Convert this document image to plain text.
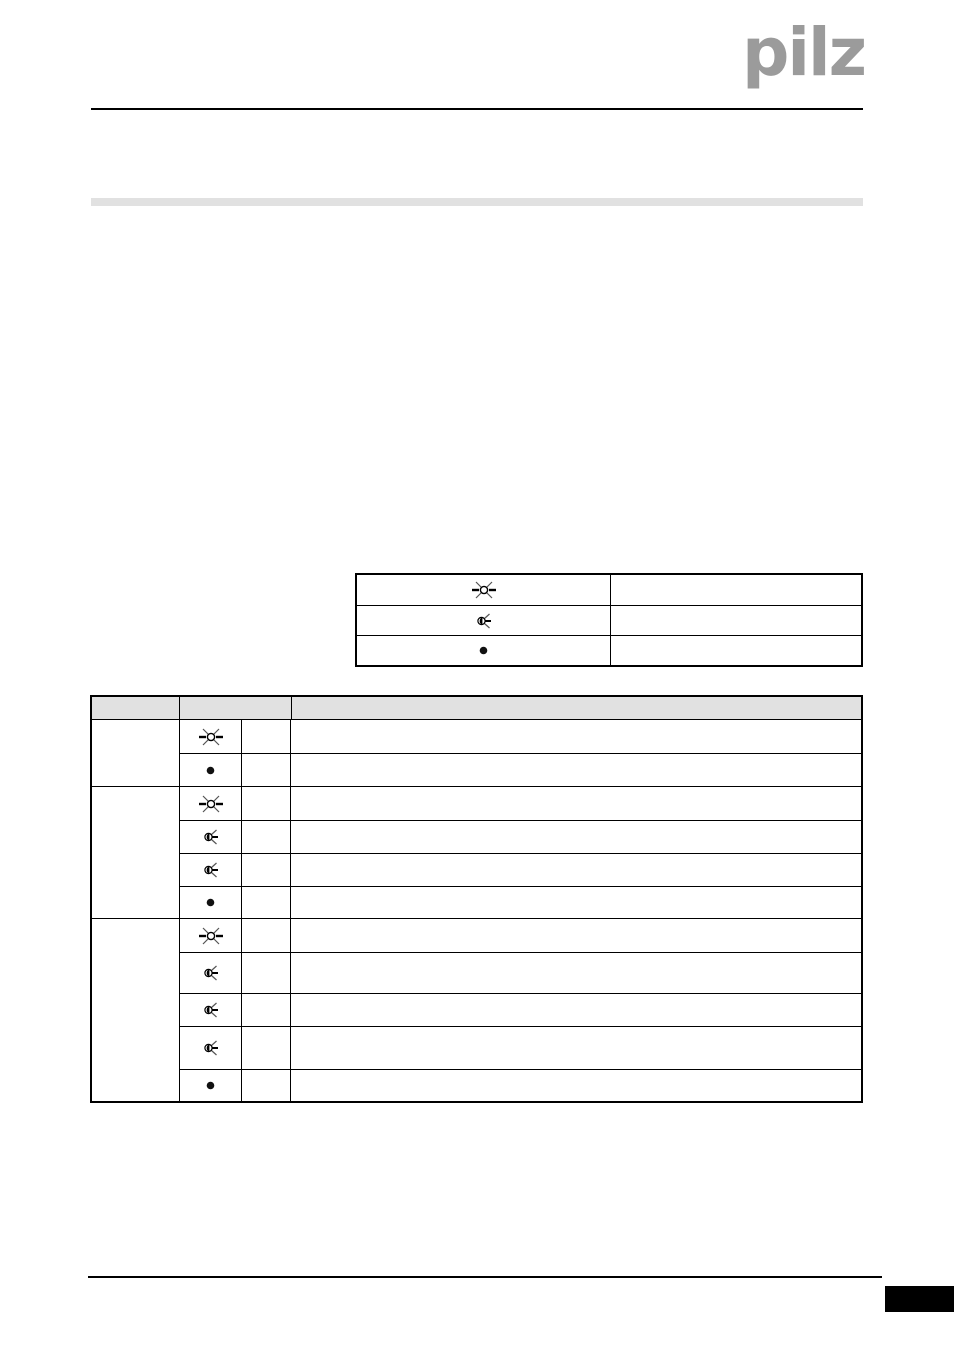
pilz
